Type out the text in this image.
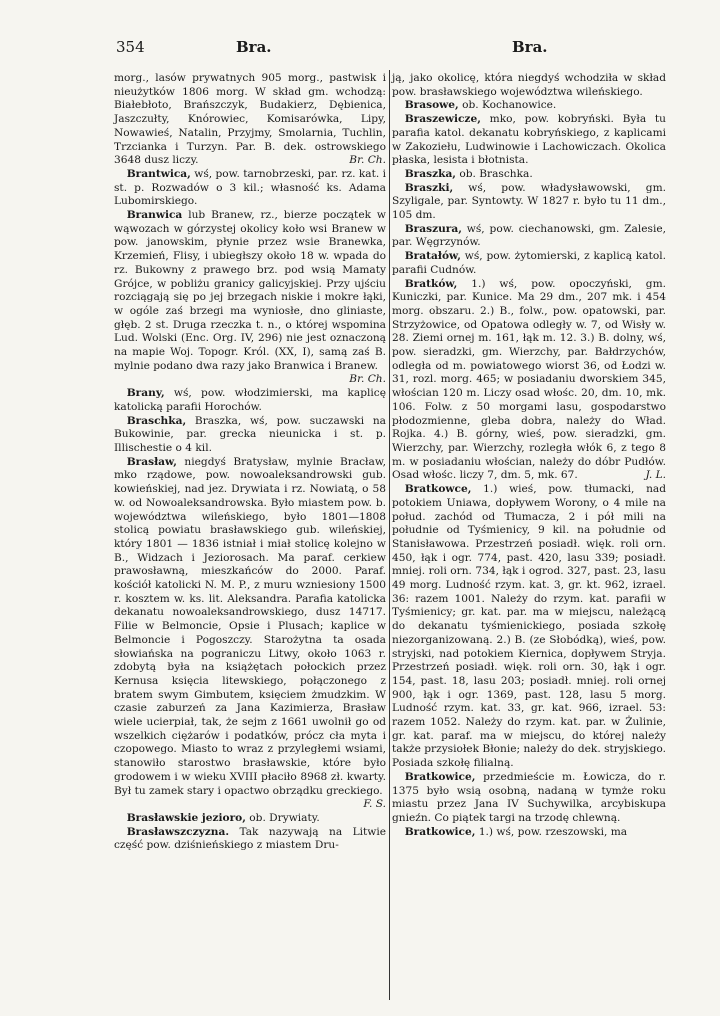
354	Bra.	Bra.

morg., lasów prywatnych 905 morg., pastwisk i nieużytków 1806 morg. W skład gm. wchodzą: Białebłoto, Brańszczyk, Budakierz, Dębienica, Jaszczułty, Knórowiec, Komisarówka, Lipy, Nowawieś, Natalin, Przyjmy, Smolarnia, Tuchlin, Trzcianka i Turzyn. Par. B. dek. ostrowskiego 3648 dusz liczy.	Br. Ch.

Brantwica, wś, pow. tarnobrzeski, par. rz. kat. i st. p. Rozwadów o 3 kil.; własność ks. Adama Lubomirskiego.

Branwica lub Branew, rz., bierze początek w wąwozach w górzystej okolicy koło wsi Branew w pow. janowskim, płynie przez wsie Branewka, Krzemień, Flisy, i ubiegłszy około 18 w. wpada do rz. Bukowny z prawego brz. pod wsią Mamaty Grójce, w pobliżu granicy galicyjskiej. Przy ujściu rozciągają się po jej brzegach niskie i mokre łąki, w ogóle zaś brzegi ma wyniosłe, dno gliniaste, głęb. 2 st. Druga rzeczka t. n., o której wspomina Lud. Wolski (Enc. Org. IV, 296) nie jest oznaczoną na mapie Woj. Topogr. Król. (XX, I), samą zaś B. mylnie podano dwa razy jako Branwica i Branew.
Br. Ch.

Brany, wś, pow. włodzimierski, ma kaplicę katolicką parafii Horochów.

Braschka, Braszka, wś, pow. suczawski na Bukowinie, par. grecka nieunicka i st. p. Illischestie o 4 kil.

Brasław, niegdyś Bratysław, mylnie Bracław, mko rządowe, pow. nowoaleksandrowski gub. kowieńskiej, nad jez. Drywiata i rz. Nowiatą, o 58 w. od Nowoaleksandrowska. Było miastem pow. b. województwa wileńskiego, było 1801—1808 stolicą powiatu brasławskiego gub. wileńskiej, który 1801 — 1836 istniał i miał stolicę kolejno w B., Widzach i Jeziorosach. Ma paraf. cerkiew prawosławną, mieszkańców do 2000. Paraf. kościół katolicki N. M. P., z muru wzniesiony 1500 r. kosztem w. ks. lit. Aleksandra. Parafia katolicka dekanatu nowoaleksandrowskiego, dusz 14717. Filie w Belmoncie, Opsie i Plusach; kaplice w Belmoncie i Pogoszczy. Starożytna ta osada słowiańska na pograniczu Litwy, około 1063 r. zdobytą była na książętach połockich przez Kernusa księcia litewskiego, połączonego z bratem swym Gimbutem, księciem żmudzkim. W czasie zaburzeń za Jana Kazimierza, Brasław wiele ucierpiał, tak, że sejm z 1661 uwolnił go od wszelkich ciężarów i podatków, prócz cła myta i czopowego. Miasto to wraz z przyległemi wsiami, stanowiło starostwo brasławskie, które było grodowem i w wieku XVIII płaciło 8968 zł. kwarty. Był tu zamek stary i opactwo obrządku greckiego.
F. S.

Brasławskie jezioro, ob. Drywiaty.

Brasławszczyzna. Tak nazywają na Litwie część pow. dziśnieńskiego z miastem Dru-

ją, jako okolicę, która niegdyś wchodziła w skład pow. brasławskiego województwa wileńskiego.

Brasowe, ob. Kochanowice.

Braszewicze, mko, pow. kobryński. Była tu parafia katol. dekanatu kobryńskiego, z kaplicami w Zakoziełu, Ludwinowie i Lachowiczach. Okolica płaska, lesista i błotnista.

Braszka, ob. Braschka.

Braszki, wś, pow. władysławowski, gm. Szyligale, par. Syntowty. W 1827 r. było tu 11 dm., 105 dm.

Braszura, wś, pow. ciechanowski, gm. Zalesie, par. Węgrzynów.

Bratałów, wś, pow. żytomierski, z kaplicą katol. parafii Cudnów.

Bratków, 1.) wś, pow. opoczyński, gm. Kuniczki, par. Kunice. Ma 29 dm., 207 mk. i 454 morg. obszaru. 2.) B., folw., pow. opatowski, par. Strzyżowice, od Opatowa odległy w. 7, od Wisły w. 28. Ziemi ornej m. 161, łąk m. 12. 3.) B. dolny, wś, pow. sieradzki, gm. Wierzchy, par. Bałdrzychów, odległa od m. powiatowego wiorst 36, od Łodzi w. 31, rozl. morg. 465; w posiadaniu dworskiem 345, włościan 120 m. Liczy osad włośc. 20, dm. 10, mk. 106. Folw. z 50 morgami lasu, gospodarstwo płodozmienne, gleba dobra, należy do Wład. Rojka. 4.) B. górny, wieś, pow. sieradzki, gm. Wierzchy, par. Wierzchy, rozległa włók 6, z tego 8 m. w posiadaniu włościan, należy do dóbr Pudłów. Osad włośc. liczy 7, dm. 5, mk. 67.	J. L.

Bratkowce, 1.) wieś, pow. tłumacki, nad potokiem Uniawa, dopływem Worony, o 4 mile na połud. zachód od Tłumacza, 2 i pół mili na południe od Tyśmienicy, 9 kil. na południe od Stanisławowa. Przestrzeń posiadł. więk. roli orn. 450, łąk i ogr. 774, past. 420, lasu 339; posiadł. mniej. roli orn. 734, łąk i ogrod. 327, past. 23, lasu 49 morg. Ludność rzym. kat. 3, gr. kt. 962, izrael. 36: razem 1001. Należy do rzym. kat. parafii w Tyśmienicy; gr. kat. par. ma w miejscu, należącą do dekanatu tyśmienickiego, posiada szkołę niezorganizowaną. 2.) B. (ze Słobódką), wieś, pow. stryjski, nad potokiem Kiernica, dopływem Stryja. Przestrzeń posiadł. więk. roli orn. 30, łąk i ogr. 154, past. 18, lasu 203; posiadł. mniej. roli ornej 900, łąk i ogr. 1369, past. 128, lasu 5 morg. Ludność rzym. kat. 33, gr. kat. 966, izrael. 53: razem 1052. Należy do rzym. kat. par. w Żulinie, gr. kat. paraf. ma w miejscu, do której należy także przysiołek Błonie; należy do dek. stryjskiego. Posiada szkołę filialną.

Bratkowice, przedmieście m. Łowicza, do r. 1375 było wsią osobną, nadaną w tymże roku miastu przez Jana IV Suchywilka, arcybiskupa gnieźn. Co piątek targi na trzodę chlewną.

Bratkowice, 1.) wś, pow. rzeszowski, ma
